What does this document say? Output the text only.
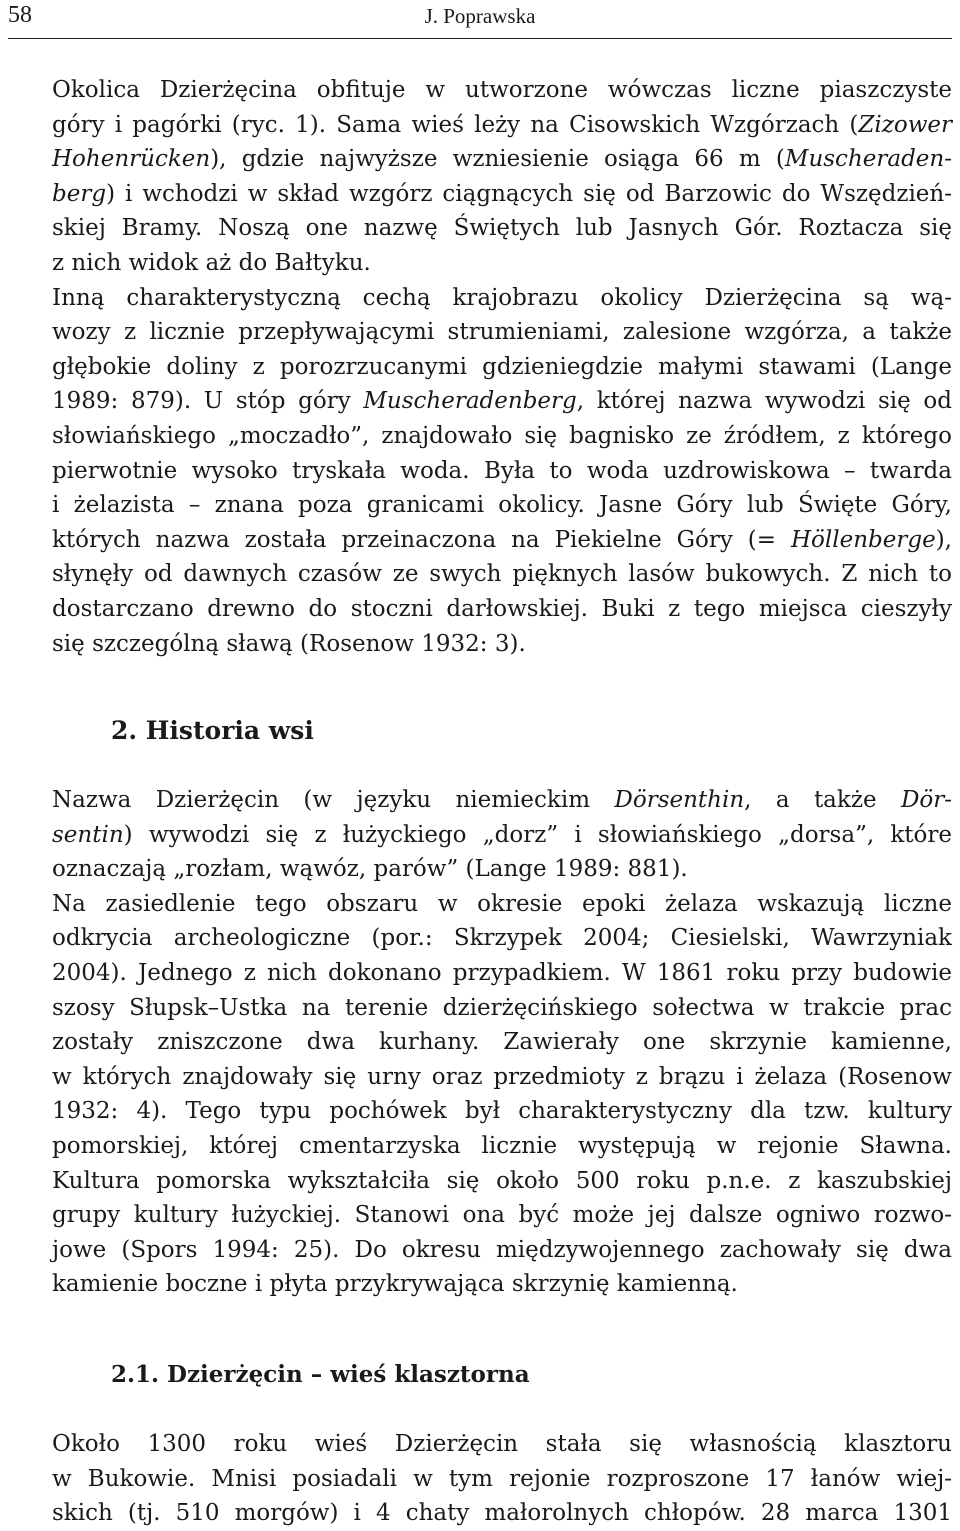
58	J. Poprawska

Okolica Dzierżęcina obfituje w utworzone wówczas liczne piaszczyste
góry i pagórki (ryc. 1). Sama wieś leży na Cisowskich Wzgórzach (Zizower
Hohenrücken), gdzie najwyższe wzniesienie osiąga 66 m (Muscheraden-
berg) i wchodzi w skład wzgórz ciągnących się od Barzowic do Wszędzień-
skiej Bramy. Noszą one nazwę Świętych lub Jasnych Gór. Roztacza się
z nich widok aż do Bałtyku.

Inną charakterystyczną cechą krajobrazu okolicy Dzierżęcina są wą-
wozy z licznie przepływającymi strumieniami, zalesione wzgórza, a także
głębokie doliny z porozrzucanymi gdzieniegdzie małymi stawami (Lange
1989: 879). U stóp góry Muscheradenberg, której nazwa wywodzi się od
słowiańskiego „moczadło”, znajdowało się bagnisko ze źródłem, z którego
pierwotnie wysoko tryskała woda. Była to woda uzdrowiskowa – twarda
i żelazista – znana poza granicami okolicy. Jasne Góry lub Święte Góry,
których nazwa została przeinaczona na Piekielne Góry (= Höllenberge),
słynęły od dawnych czasów ze swych pięknych lasów bukowych. Z nich to
dostarczano drewno do stoczni darłowskiej. Buki z tego miejsca cieszyły
się szczególną sławą (Rosenow 1932: 3).

2. Historia wsi

Nazwa Dzierżęcin (w języku niemieckim Dörsenthin, a także Dör-
sentin) wywodzi się z łużyckiego „dorz” i słowiańskiego „dorsa”, które
oznaczają „rozłam, wąwóz, parów” (Lange 1989: 881).

Na zasiedlenie tego obszaru w okresie epoki żelaza wskazują liczne
odkrycia archeologiczne (por.: Skrzypek 2004; Ciesielski, Wawrzyniak
2004). Jednego z nich dokonano przypadkiem. W 1861 roku przy budowie
szosy Słupsk–Ustka na terenie dzierżęcińskiego sołectwa w trakcie prac
zostały zniszczone dwa kurhany. Zawierały one skrzynie kamienne,
w których znajdowały się urny oraz przedmioty z brązu i żelaza (Rosenow
1932: 4). Tego typu pochówek był charakterystyczny dla tzw. kultury
pomorskiej, której cmentarzyska licznie występują w rejonie Sławna.
Kultura pomorska wykształciła się około 500 roku p.n.e. z kaszubskiej
grupy kultury łużyckiej. Stanowi ona być może jej dalsze ogniwo rozwo-
jowe (Spors 1994: 25). Do okresu międzywojennego zachowały się dwa
kamienie boczne i płyta przykrywająca skrzynię kamienną.

2.1. Dzierżęcin – wieś klasztorna

Około 1300 roku wieś Dzierżęcin stała się własnością klasztoru
w Bukowie. Mnisi posiadali w tym rejonie rozproszone 17 łanów wiej-
skich (tj. 510 morgów) i 4 chaty małorolnych chłopów. 28 marca 1301
